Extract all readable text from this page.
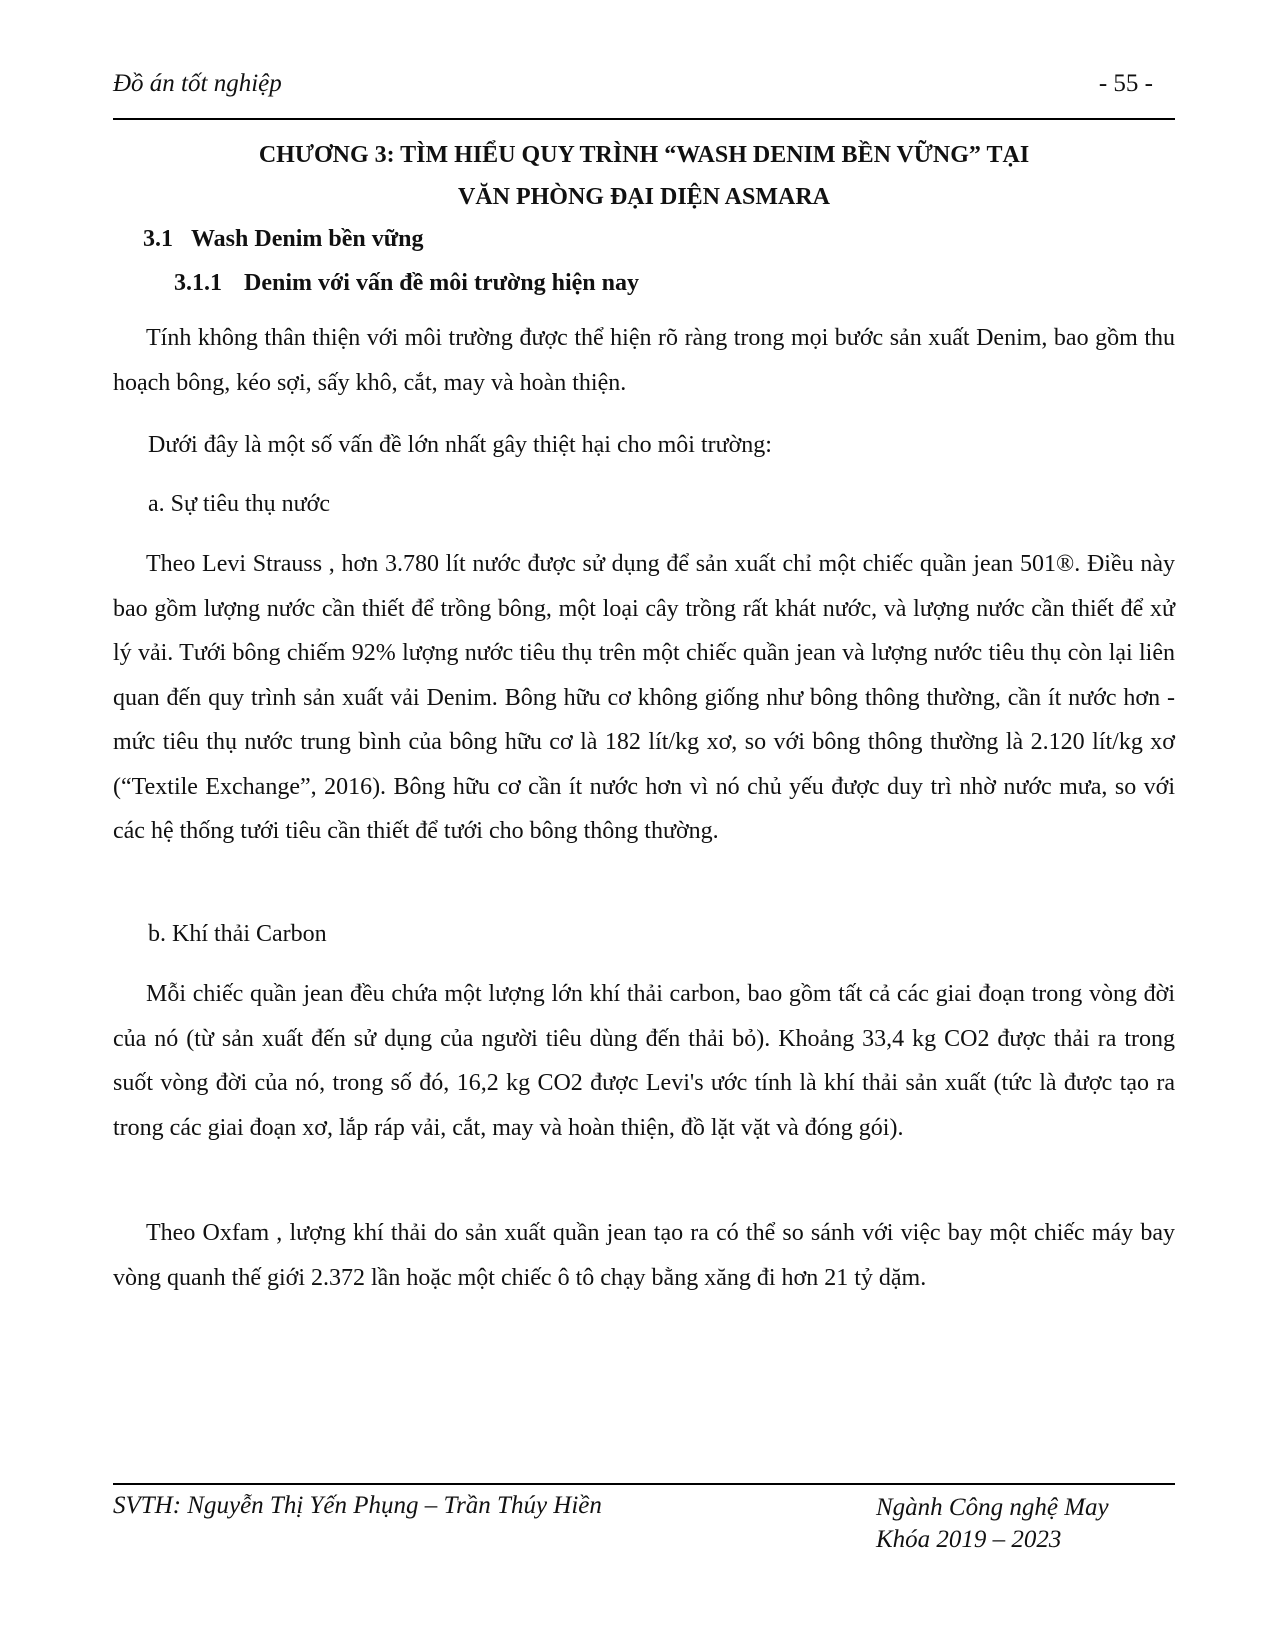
Đồ án tốt nghiệp	- 55 -
CHƯƠNG 3: TÌM HIỂU QUY TRÌNH “WASH DENIM BỀN VỮNG” TẠI
VĂN PHÒNG ĐẠI DIỆN ASMARA
3.1 Wash Denim bền vững
3.1.1 Denim với vấn đề môi trường hiện nay

Tính không thân thiện với môi trường được thể hiện rõ ràng trong mọi bước sản xuất Denim, bao gồm thu hoạch bông, kéo sợi, sấy khô, cắt, may và hoàn thiện.

Dưới đây là một số vấn đề lớn nhất gây thiệt hại cho môi trường:

a. Sự tiêu thụ nước

Theo Levi Strauss , hơn 3.780 lít nước được sử dụng để sản xuất chỉ một chiếc quần jean 501®. Điều này bao gồm lượng nước cần thiết để trồng bông, một loại cây trồng rất khát nước, và lượng nước cần thiết để xử lý vải. Tưới bông chiếm 92% lượng nước tiêu thụ trên một chiếc quần jean và lượng nước tiêu thụ còn lại liên quan đến quy trình sản xuất vải Denim. Bông hữu cơ không giống như bông thông thường, cần ít nước hơn - mức tiêu thụ nước trung bình của bông hữu cơ là 182 lít/kg xơ, so với bông thông thường là 2.120 lít/kg xơ (“Textile Exchange”, 2016). Bông hữu cơ cần ít nước hơn vì nó chủ yếu được duy trì nhờ nước mưa, so với các hệ thống tưới tiêu cần thiết để tưới cho bông thông thường.

b. Khí thải Carbon

Mỗi chiếc quần jean đều chứa một lượng lớn khí thải carbon, bao gồm tất cả các giai đoạn trong vòng đời của nó (từ sản xuất đến sử dụng của người tiêu dùng đến thải bỏ). Khoảng 33,4 kg CO2 được thải ra trong suốt vòng đời của nó, trong số đó, 16,2 kg CO2 được Levi's ước tính là khí thải sản xuất (tức là được tạo ra trong các giai đoạn xơ, lắp ráp vải, cắt, may và hoàn thiện, đồ lặt vặt và đóng gói).

Theo Oxfam , lượng khí thải do sản xuất quần jean tạo ra có thể so sánh với việc bay một chiếc máy bay vòng quanh thế giới 2.372 lần hoặc một chiếc ô tô chạy bằng xăng đi hơn 21 tỷ dặm.

SVTH: Nguyễn Thị Yến Phụng – Trần Thúy Hiền	Ngành Công nghệ May
Khóa 2019 – 2023
